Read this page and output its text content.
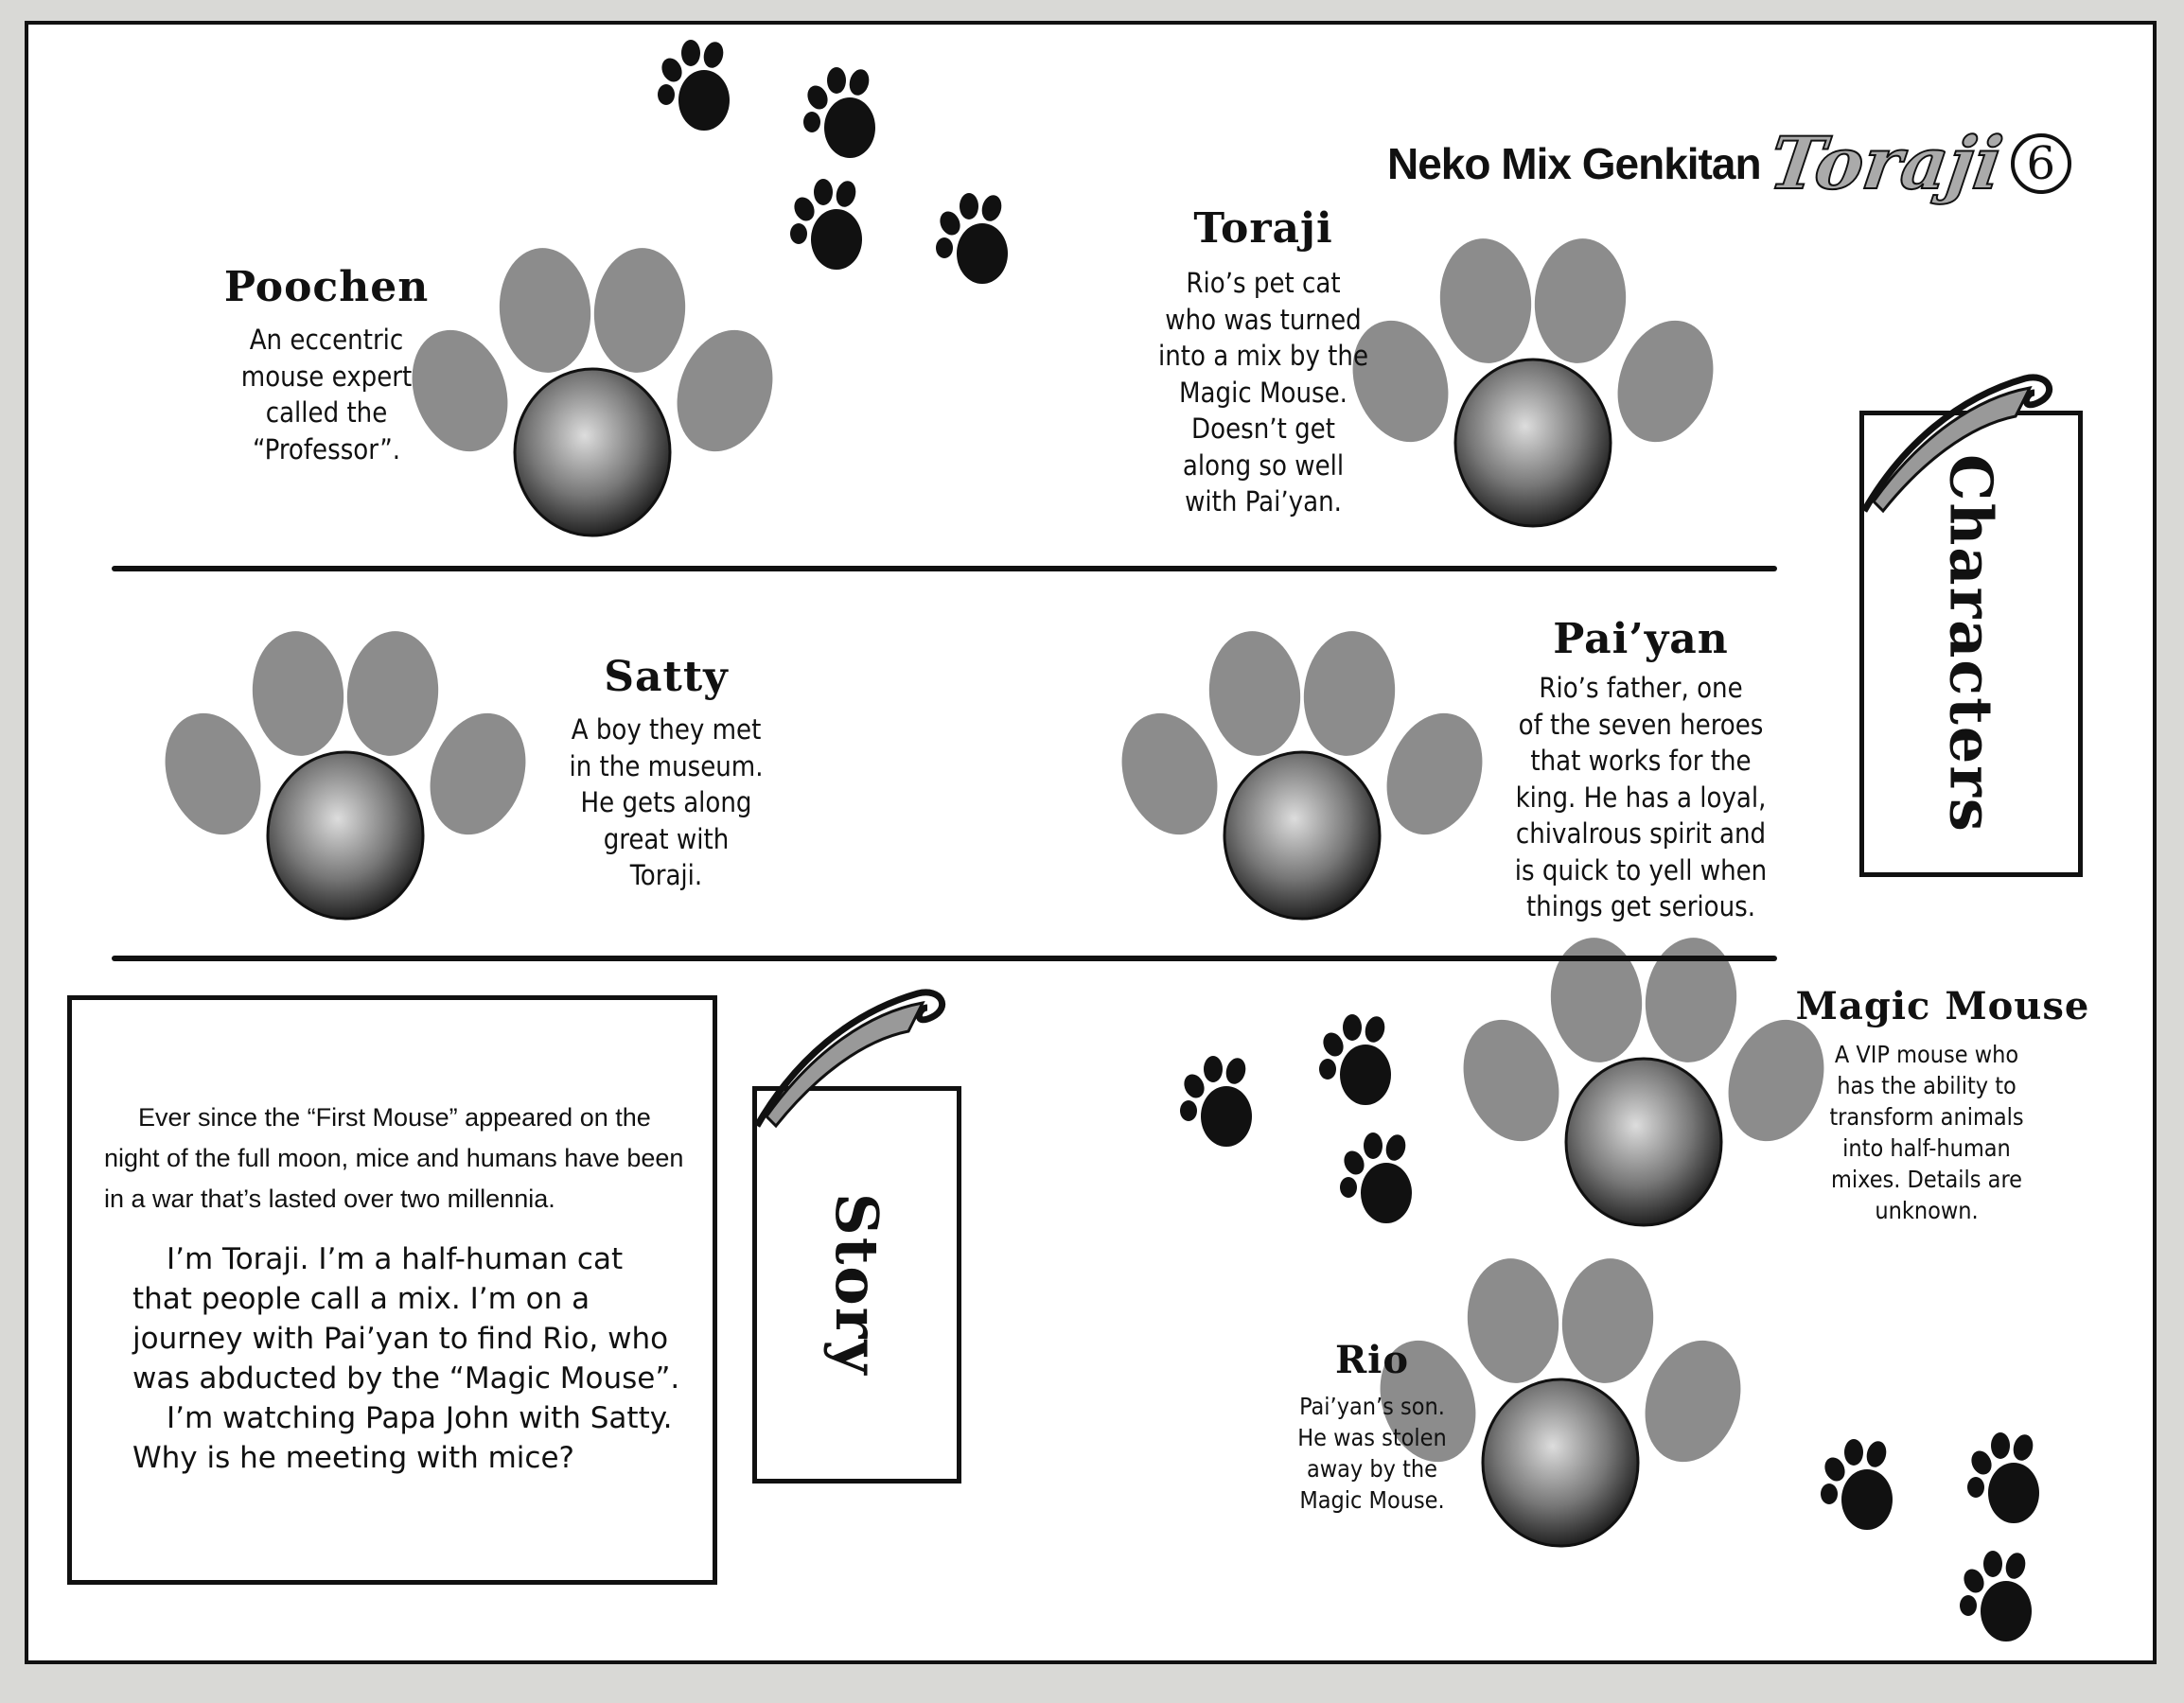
Neko Mix Genkitan Toraji 6
Poochen
An eccentric
mouse expert
called the
“Professor”.
Toraji
Rio’s pet cat
who was turned
into a mix by the
Magic Mouse.
Doesn’t get
along so well
with Pai’yan.
Satty
A boy they met
in the museum.
He gets along
great with
Toraji.
Pai’yan
Rio’s father, one
of the seven heroes
that works for the
king. He has a loyal,
chivalrous spirit and
is quick to yell when
things get serious.
Magic Mouse
A VIP mouse who
has the ability to
transform animals
into half-human
mixes. Details are
unknown.
Rio
Pai’yan’s son.
He was stolen
away by the
Magic Mouse.
Characters
Ever since the “First Mouse” appeared on the night of the full moon, mice and humans have been in a war that’s lasted over two millennia.
I’m Toraji. I’m a half-human cat that people call a mix. I’m on a journey with Pai’yan to find Rio, who was abducted by the “Magic Mouse”.
I’m watching Papa John with Satty. Why is he meeting with mice?
Story
